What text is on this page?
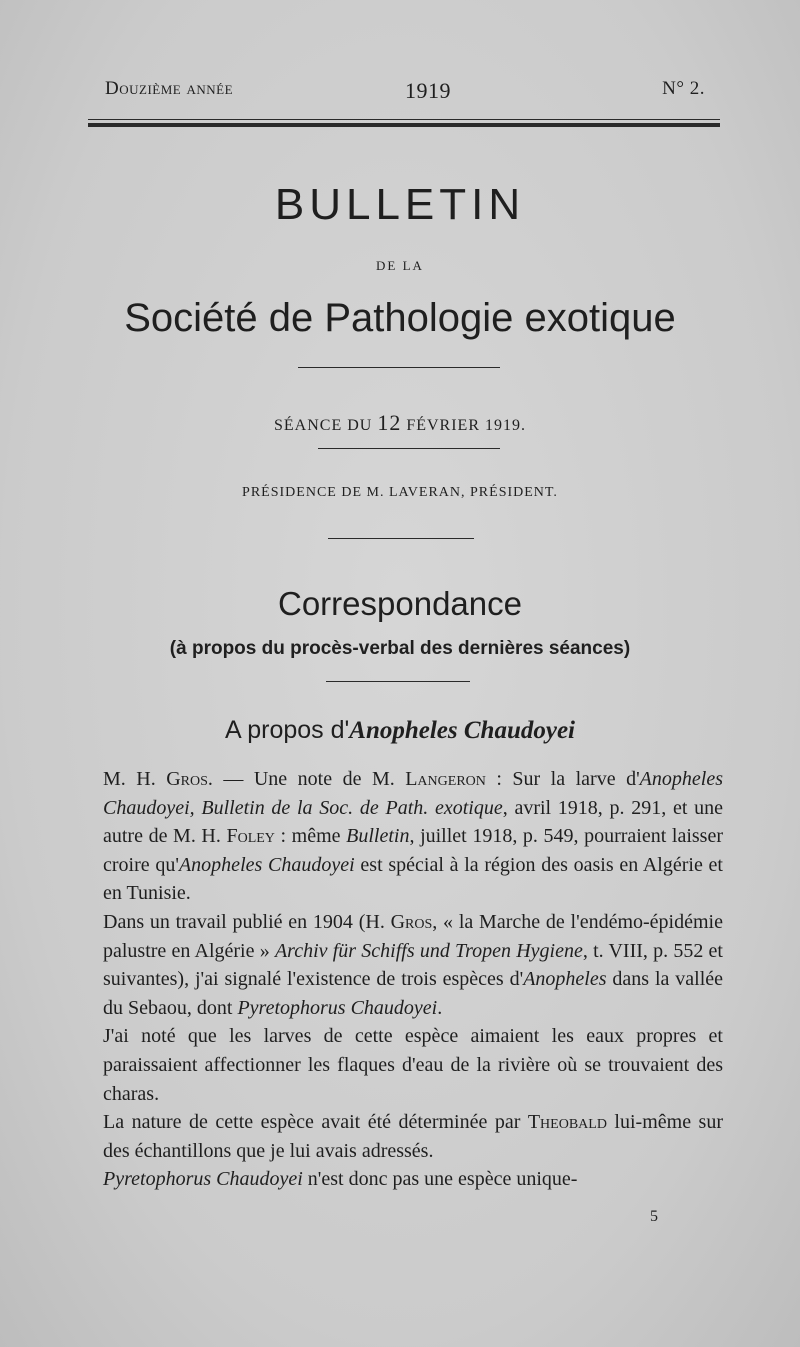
Douzième année	1919	N° 2.
BULLETIN
DE LA
Société de Pathologie exotique
SÉANCE DU 12 FÉVRIER 1919.
PRÉSIDENCE DE M. LAVERAN, PRÉSIDENT.
Correspondance
(à propos du procès-verbal des dernières séances)
A propos d'Anopheles Chaudoyei

M. H. Gros. — Une note de M. Langeron : Sur la larve d'Anopheles Chaudoyei, Bulletin de la Soc. de Path. exotique, avril 1918, p. 291, et une autre de M. H. Foley : même Bulletin, juillet 1918, p. 549, pourraient laisser croire qu'Anopheles Chaudoyei est spécial à la région des oasis en Algérie et en Tunisie.

Dans un travail publié en 1904 (H. Gros, « la Marche de l'endémo-épidémie palustre en Algérie » Archiv für Schiffs und Tropen Hygiene, t. VIII, p. 552 et suivantes), j'ai signalé l'existence de trois espèces d'Anopheles dans la vallée du Sebaou, dont Pyretophorus Chaudoyei.

J'ai noté que les larves de cette espèce aimaient les eaux propres et paraissaient affectionner les flaques d'eau de la rivière où se trouvaient des charas.

La nature de cette espèce avait été déterminée par Theobald lui-même sur des échantillons que je lui avais adressés.

Pyretophorus Chaudoyei n'est donc pas une espèce unique-

5
